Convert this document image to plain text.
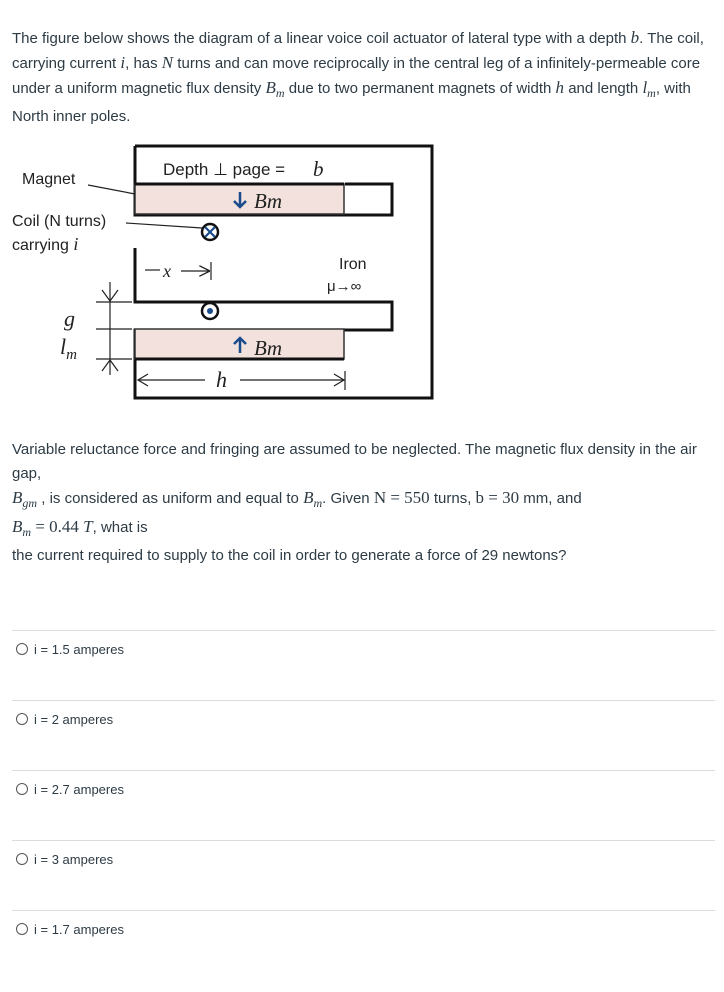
The figure below shows the diagram of a linear voice coil actuator of lateral type with a depth b. The coil, carrying current i, has N turns and can move reciprocally in the central leg of a infinitely-permeable core under a uniform magnetic flux density $B_m$ due to two permanent magnets of width h and length $l_m$, with North inner poles.
Depth ⊥ page = b
Bm
Bm
Magnet
Coil (N turns)
carrying i
x	Iron
μ→∞
g
$l_m$
h
Variable reluctance force and fringing are assumed to be neglected. The magnetic flux density in the air gap,
$B_{gm}$ , is considered as uniform and equal to $B_m$. Given N = 550 turns, b = 30 mm, and
$B_m = 0.44$ T, what is
the current required to supply to the coil in order to generate a force of 29 newtons?
i = 1.5 amperes
i = 2 amperes
i = 2.7 amperes
i = 3 amperes
i = 1.7 amperes
